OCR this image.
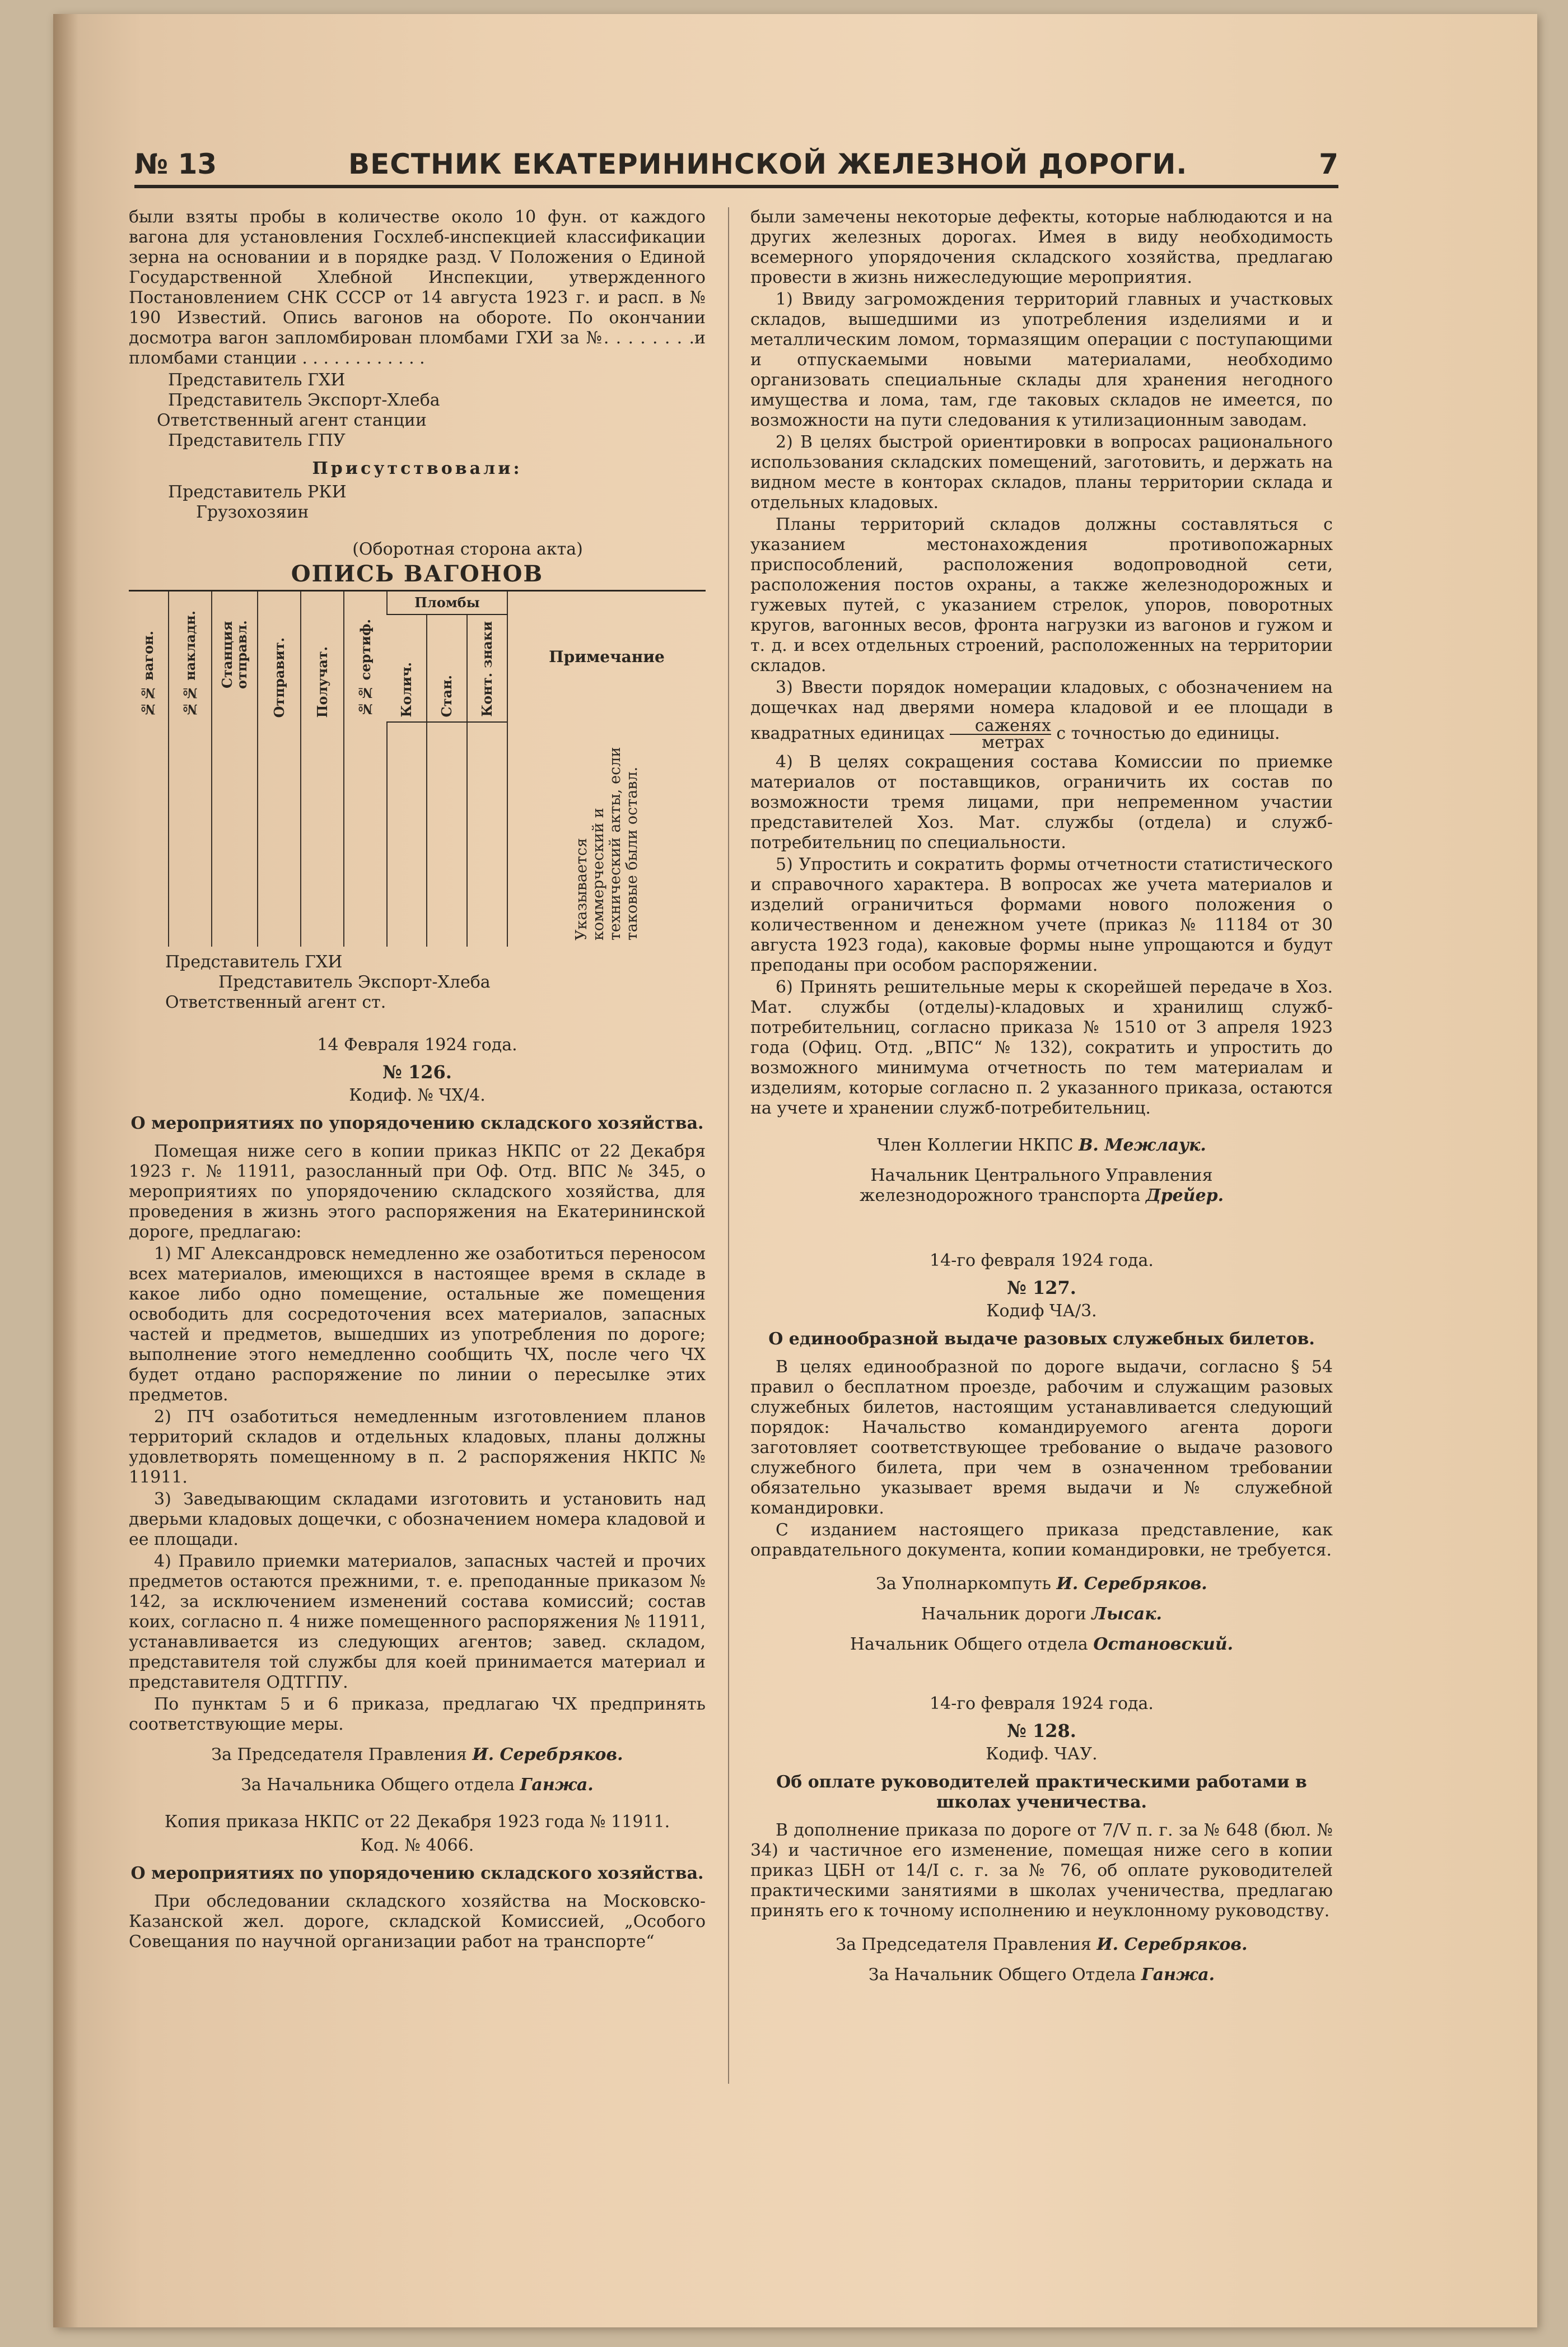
№ 13	ВЕСТНИК ЕКАТЕРИНИНСКОЙ ЖЕЛЕЗНОЙ ДОРОГИ.	7

были взяты пробы в количестве около 10 фун. от каждого вагона для установления Госхлеб-инспекцией классификации зерна на основании и в порядке разд. V Положения о Единой Государственной Хлебной Инспекции, утвержденного Постановлением СНК СССР от 14 августа 1923 г. и расп. в № 190 Известий. Опись вагонов на обороте. По окончании досмотра вагон запломбирован пломбами ГХИ за №. . . . . . . .и пломбами станции . . . . . . . . . . . .

Представитель ГХИ

Представитель Экспорт-Хлеба

Ответственный агент станции

Представитель ГПУ

Присутствовали:

Представитель РКИ

Грузохозяин

(Оборотная сторона акта)

ОПИСЬ ВАГОНОВ

№№ вагон.	№№ накладн.	Станция отправл.	Отправит.	Получат.	№№ сертиф.	Пломбы			Примечание

						Колич.	Стан.	Конт. знаки	

									Указывается коммерческий и технический акты, если таковые были оставл.

Представитель ГХИ

Представитель Экспорт-Хлеба

Ответственный агент ст.

14 Февраля 1924 года.

№ 126.

Кодиф. № ЧХ/4.

О мероприятиях по упорядочению складского хозяйства.

Помещая ниже сего в копии приказ НКПС от 22 Декабря 1923 г. № 11911, разосланный при Оф. Отд. ВПС № 345, о мероприятиях по упорядочению складского хозяйства, для проведения в жизнь этого распоряжения на Екатерининской дороге, предлагаю:

1) МГ Александровск немедленно же озаботиться переносом всех материалов, имеющихся в настоящее время в складе в какое либо одно помещение, остальные же помещения освободить для сосредоточения всех материалов, запасных частей и предметов, вышедших из употребления по дороге; выполнение этого немедленно сообщить ЧХ, после чего ЧХ будет отдано распоряжение по линии о пересылке этих предметов.

2) ПЧ озаботиться немедленным изготовлением планов территорий складов и отдельных кладовых, планы должны удовлетворять помещенному в п. 2 распоряжения НКПС № 11911.

3) Заведывающим складами изготовить и установить над дверьми кладовых дощечки, с обозначением номера кладовой и ее площади.

4) Правило приемки материалов, запасных частей и прочих предметов остаются прежними, т. е. преподанные приказом № 142, за исключением изменений состава комиссий; состав коих, согласно п. 4 ниже помещенного распоряжения № 11911, устанавливается из следующих агентов; завед. складом, представителя той службы для коей принимается материал и представителя ОДТГПУ.

По пунктам 5 и 6 приказа, предлагаю ЧХ предпринять соответствующие меры.

За Председателя Правления И. Серебряков.

За Начальника Общего отдела Ганжа.

Копия приказа НКПС от 22 Декабря 1923 года № 11911.

Код. № 4066.

О мероприятиях по упорядочению складского хозяйства.

При обследовании складского хозяйства на Московско-Казанской жел. дороге, складской Комиссией, „Особого Совещания по научной организации работ на транспорте“

были замечены некоторые дефекты, которые наблюдаются и на других железных дорогах. Имея в виду необходимость всемерного упорядочения складского хозяйства, предлагаю провести в жизнь нижеследующие мероприятия.

1) Ввиду загромождения территорий главных и участковых складов, вышедшими из употребления изделиями и и металлическим ломом, тормазящим операции с поступающими и отпускаемыми новыми материалами, необходимо организовать специальные склады для хранения негодного имущества и лома, там, где таковых складов не имеется, по возможности на пути следования к утилизационным заводам.

2) В целях быстрой ориентировки в вопросах рационального использования складских помещений, заготовить, и держать на видном месте в конторах складов, планы территории склада и отдельных кладовых.

Планы территорий складов должны составляться с указанием местонахождения противопожарных приспособлений, расположения водопроводной сети, расположения постов охраны, а также железнодорожных и гужевых путей, с указанием стрелок, упоров, поворотных кругов, вагонных весов, фронта нагрузки из вагонов и гужом и т. д. и всех отдельных строений, расположенных на территории складов.

3) Ввести порядок номерации кладовых, с обозначением на дощечках над дверями номера кладовой и ее площади в квадратных единицах $\frac{\text{саженях}}{\text{метрах}}$ с точностью до единицы.

4) В целях сокращения состава Комиссии по приемке материалов от поставщиков, ограничить их состав по возможности тремя лицами, при непременном участии представителей Хоз. Мат. службы (отдела) и служб-потребительниц по специальности.

5) Упростить и сократить формы отчетности статистического и справочного характера. В вопросах же учета материалов и изделий ограничиться формами нового положения о количественном и денежном учете (приказ № 11184 от 30 августа 1923 года), каковые формы ныне упрощаются и будут преподаны при особом распоряжении.

6) Принять решительные меры к скорейшей передаче в Хоз. Мат. службы (отделы)-кладовых и хранилищ служб-потребительниц, согласно приказа № 1510 от 3 апреля 1923 года (Офиц. Отд. „ВПС“ № 132), сократить и упростить до возможного минимума отчетность по тем материалам и изделиям, которые согласно п. 2 указанного приказа, остаются на учете и хранении служб-потребительниц.

Член Коллегии НКПС В. Межлаук.

Начальник Центрального Управления железнодорожного транспорта Дрейер.

14-го февраля 1924 года.

№ 127.

Кодиф ЧА/3.

О единообразной выдаче разовых служебных билетов.

В целях единообразной по дороге выдачи, согласно § 54 правил о бесплатном проезде, рабочим и служащим разовых служебных билетов, настоящим устанавливается следующий порядок: Начальство командируемого агента дороги заготовляет соответствующее требование о выдаче разового служебного билета, при чем в означенном требовании обязательно указывает время выдачи и № служебной командировки.

С изданием настоящего приказа представление, как оправдательного документа, копии командировки, не требуется.

За Уполнаркомпуть И. Серебряков.

Начальник дороги Лысак.

Начальник Общего отдела Остановский.

14-го февраля 1924 года.

№ 128.

Кодиф. ЧАУ.

Об оплате руководителей практическими работами в школах ученичества.

В дополнение приказа по дороге от 7/V п. г. за № 648 (бюл. № 34) и частичное его изменение, помещая ниже сего в копии приказ ЦБН от 14/I с. г. за № 76, об оплате руководителей практическими занятиями в школах ученичества, предлагаю принять его к точному исполнению и неуклонному руководству.

За Председателя Правления И. Серебряков.

За Начальник Общего Отдела Ганжа.
